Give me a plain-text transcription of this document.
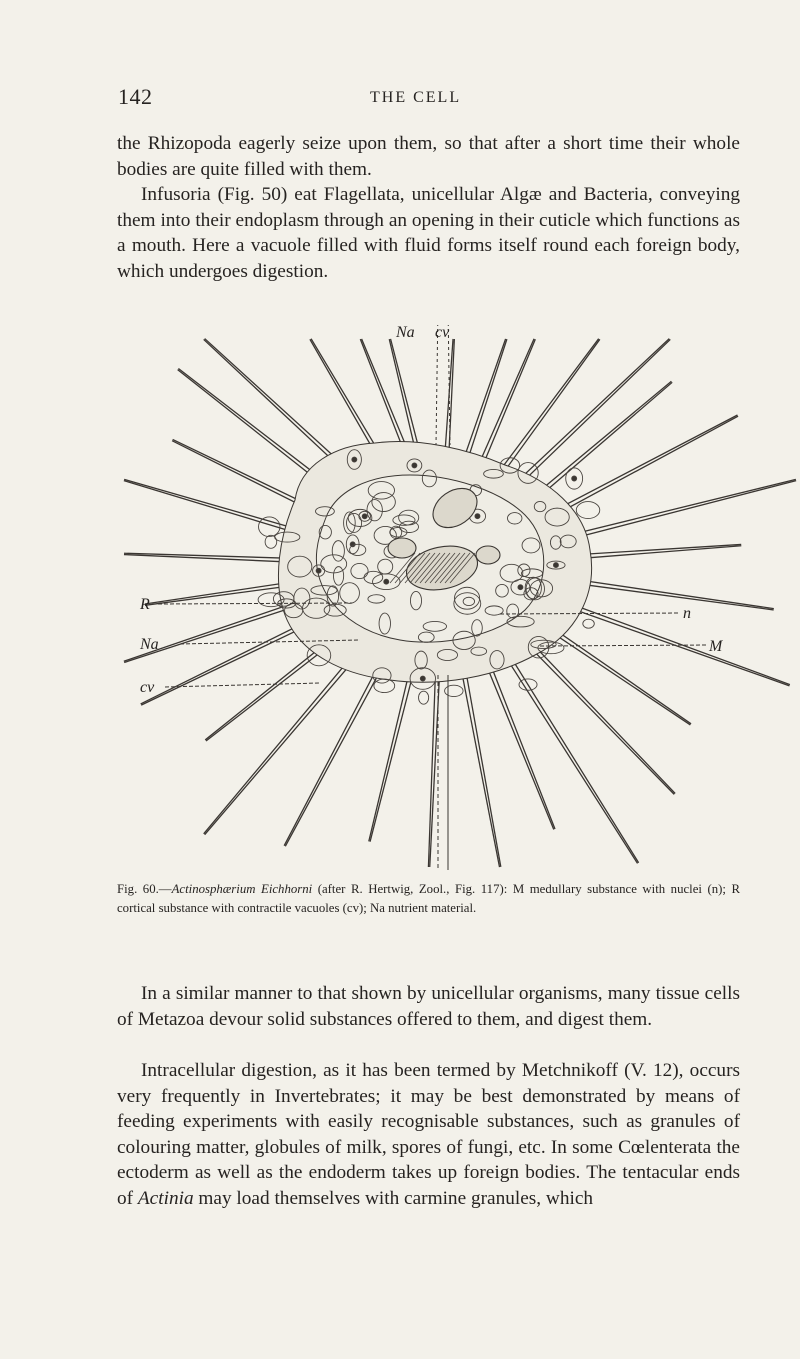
142	THE CELL

the Rhizopoda eagerly seize upon them, so that after a short time their whole bodies are quite filled with them.

Infusoria (Fig. 50) eat Flagellata, unicellular Algæ and Bacteria, conveying them into their endoplasm through an opening in their cuticle which functions as a mouth. Here a vacuole filled with fluid forms itself round each foreign body, which undergoes digestion.

Na cv
R
Na
cv
n
M

Fig. 60.—Actinosphærium Eichhorni (after R. Hertwig, Zool., Fig. 117): M medullary substance with nuclei (n); R cortical substance with contractile vacuoles (cv); Na nutrient material.

In a similar manner to that shown by unicellular organisms, many tissue cells of Metazoa devour solid substances offered to them, and digest them.

Intracellular digestion, as it has been termed by Metchnikoff (V. 12), occurs very frequently in Invertebrates; it may be best demonstrated by means of feeding experiments with easily recognisable substances, such as granules of colouring matter, globules of milk, spores of fungi, etc. In some Cœlenterata the ectoderm as well as the endoderm takes up foreign bodies. The tentacular ends of Actinia may load themselves with carmine granules, which
